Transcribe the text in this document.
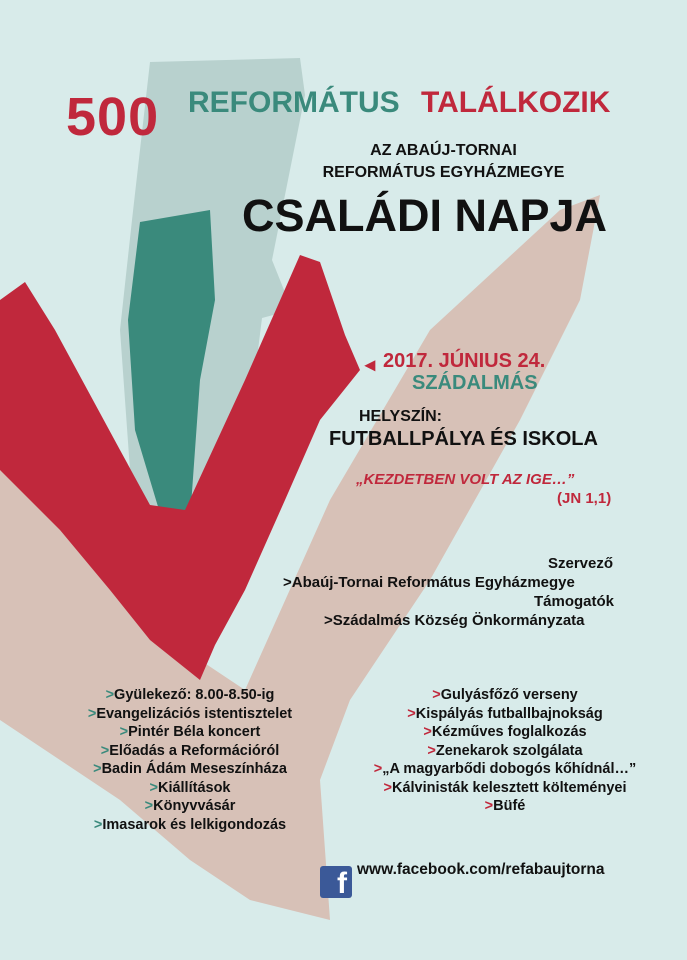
500 REFORMÁTUS TALÁLKOZIK
AZ ABAÚJ-TORNAI
REFORMÁTUS EGYHÁZMEGYE
CSALÁDI NAPJA
◂ 2017. JÚNIUS 24.
SZÁDALMÁS
HELYSZÍN:
FUTBALLPÁLYA ÉS ISKOLA
„KEZDETBEN VOLT AZ IGE…”
(JN 1,1)
Szervező
>Abaúj-Tornai Református Egyházmegye
Támogatók
>Szádalmás Község Önkormányzata
>Gyülekező: 8.00-8.50-ig
>Evangelizációs istentisztelet
>Pintér Béla koncert
>Előadás a Reformációról
>Badin Ádám Meseszínháza
>Kiállítások
>Könyvvásár
>Imasarok és lelkigondozás
>Gulyásfőző verseny
>Kispályás futballbajnokság
>Kézműves foglalkozás
>Zenekarok szolgálata
>„A magyarbődi dobogós kőhídnál…”
>Kálvinisták kelesztett költeményei
>Büfé
f www.facebook.com/refabaujtorna
